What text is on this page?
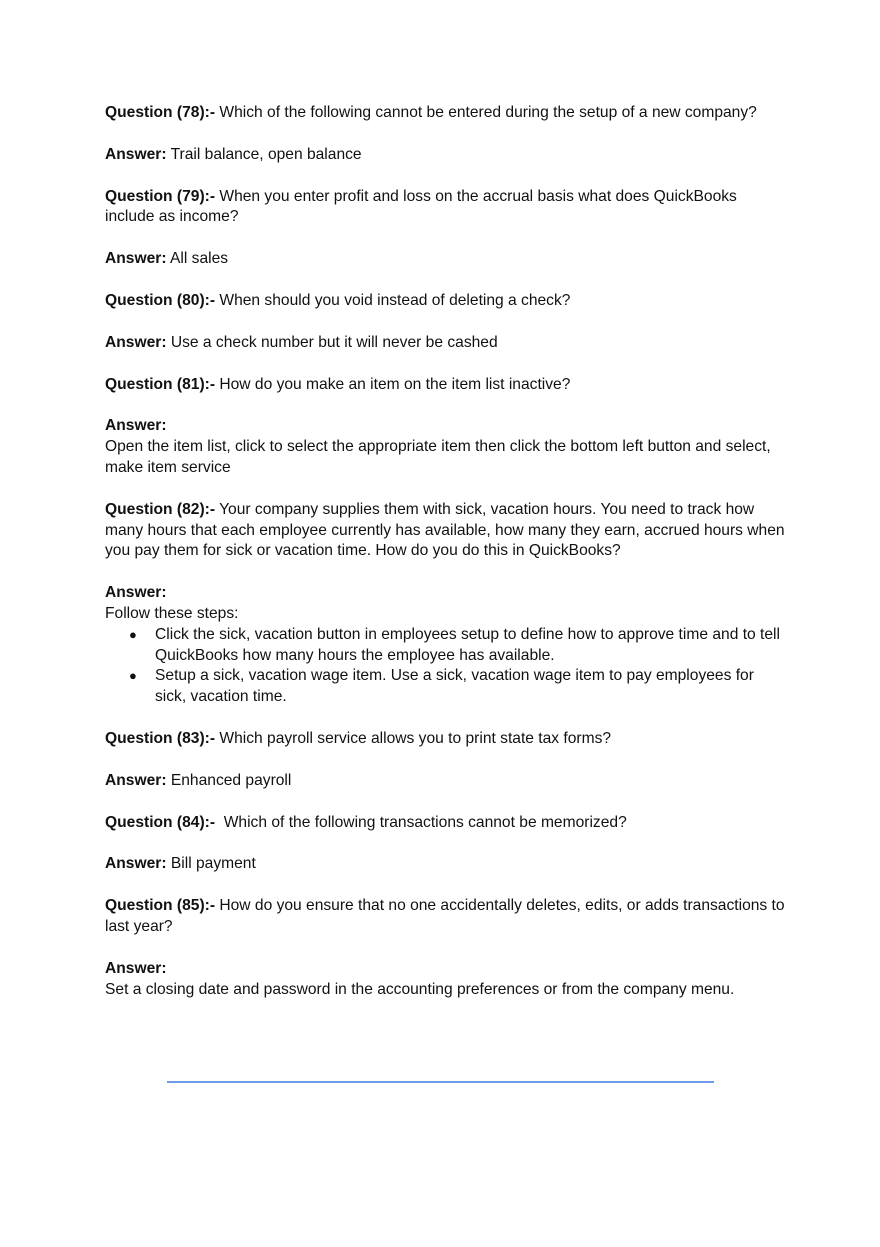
Question (78):- Which of the following cannot be entered during the setup of a new company?
Answer: Trail balance, open balance
Question (79):- When you enter profit and loss on the accrual basis what does QuickBooks include as income?
Answer: All sales
Question (80):- When should you void instead of deleting a check?
Answer: Use a check number but it will never be cashed
Question (81):- How do you make an item on the item list inactive?
Answer:
Open the item list, click to select the appropriate item then click the bottom left button and select, make item service
Question (82):- Your company supplies them with sick, vacation hours. You need to track how many hours that each employee currently has available, how many they earn, accrued hours when you pay them for sick or vacation time. How do you do this in QuickBooks?
Answer:
Follow these steps:
● Click the sick, vacation button in employees setup to define how to approve time and to tell QuickBooks how many hours the employee has available.
● Setup a sick, vacation wage item. Use a sick, vacation wage item to pay employees for sick, vacation time.
Question (83):- Which payroll service allows you to print state tax forms?
Answer: Enhanced payroll
Question (84):-  Which of the following transactions cannot be memorized?
Answer: Bill payment
Question (85):- How do you ensure that no one accidentally deletes, edits, or adds transactions to last year?
Answer:
Set a closing date and password in the accounting preferences or from the company menu.
